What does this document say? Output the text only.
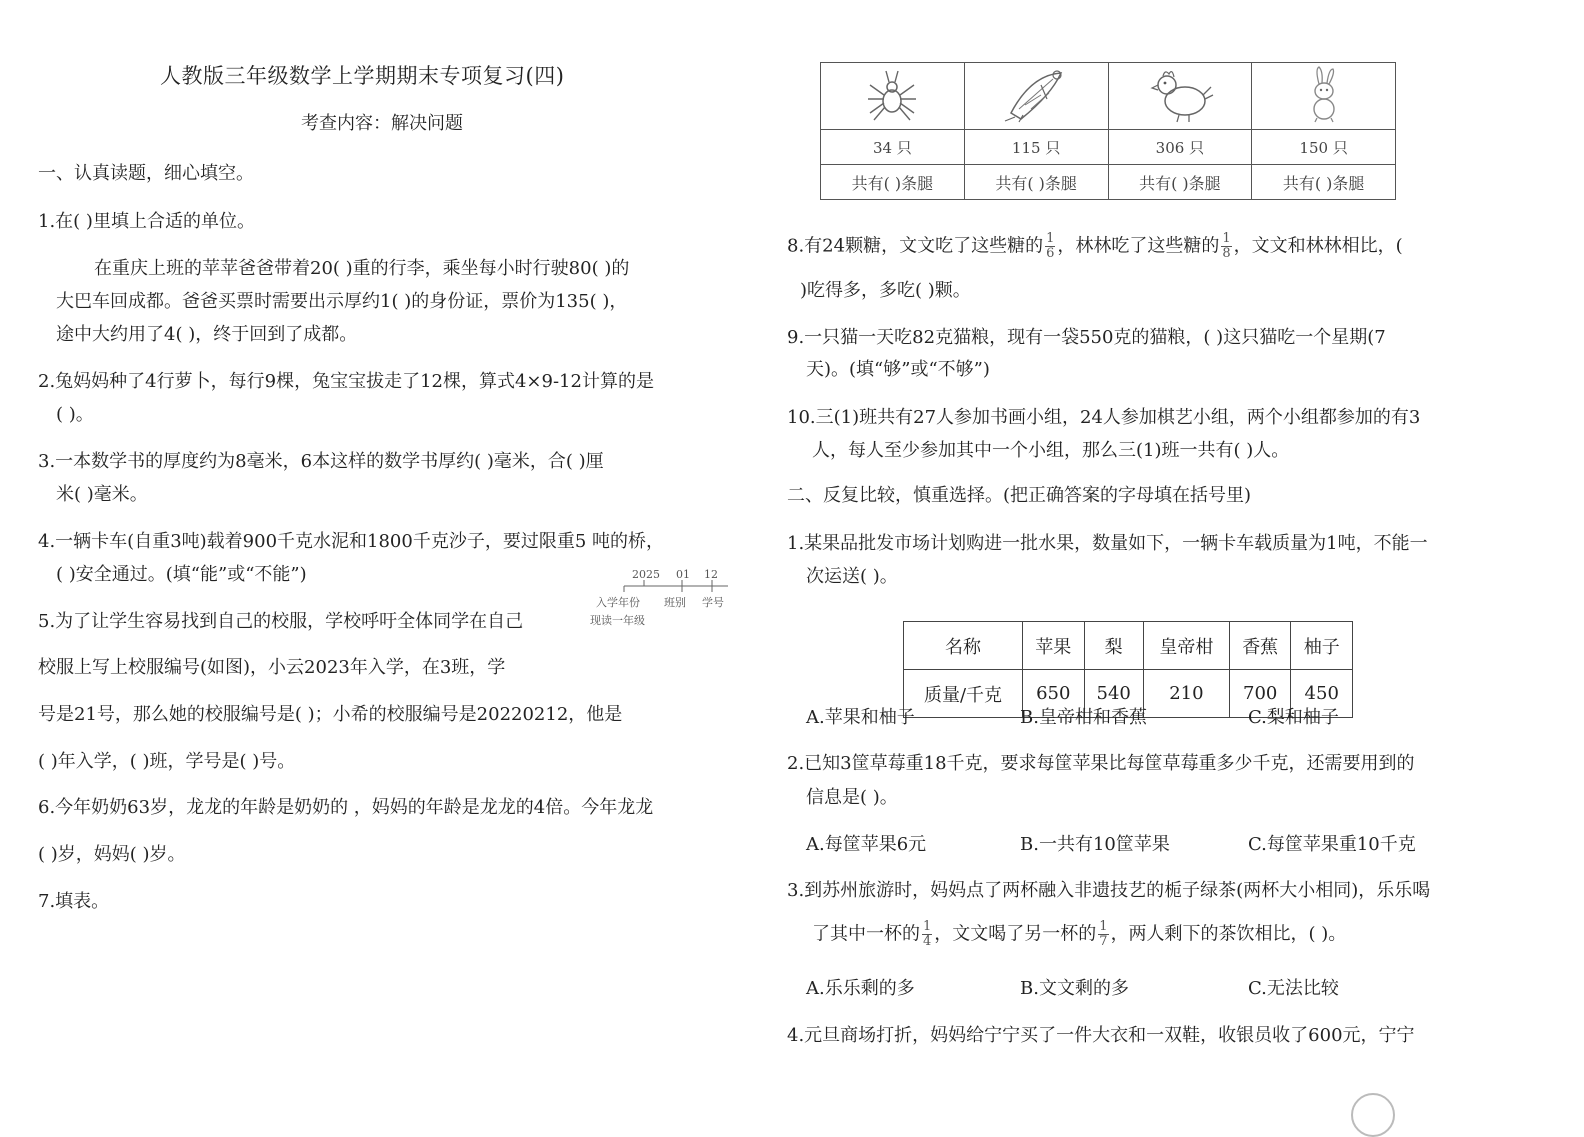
人教版三年级数学上学期期末专项复习(四)
考查内容：解决问题
一、认真读题，细心填空。
1.在( )里填上合适的单位。
在重庆上班的苹苹爸爸带着20( )重的行李，乘坐每小时行驶80( )的
大巴车回成都。爸爸买票时需要出示厚约1( )的身份证，票价为135( )，
途中大约用了4( )，终于回到了成都。
2.兔妈妈种了4行萝卜，每行9棵，兔宝宝拔走了12棵，算式4×9-12计算的是
( )。
3.一本数学书的厚度约为8毫米，6本这样的数学书厚约( )毫米，合( )厘
米( )毫米。
4.一辆卡车(自重3吨)载着900千克水泥和1800千克沙子，要过限重5 吨的桥，
( )安全通过。(填“能”或“不能”)
5.为了让学生容易找到自己的校服，学校呼吁全体同学在自己
校服上写上校服编号(如图)，小云2023年入学，在3班，学
号是21号，那么她的校服编号是( )；小希的校服编号是20220212，他是
( )年入学，( )班，学号是( )号。
2025 01 12
入学年份 班别 学号
现读一年级
6.今年奶奶63岁，龙龙的年龄是奶奶的 ，妈妈的年龄是龙龙的4倍。今年龙龙
( )岁，妈妈( )岁。
7.填表。

34 只	115 只	306 只	150 只
共有( )条腿	共有( )条腿	共有( )条腿	共有( )条腿
8.有24颗糖，文文吃了这些糖的 $\frac{1}{6}$ ，林林吃了这些糖的 $\frac{1}{8}$ ，文文和林林相比，(
)吃得多，多吃( )颗。
9.一只猫一天吃82克猫粮，现有一袋550克的猫粮，( )这只猫吃一个星期(7
天)。(填“够”或“不够”)
10.三(1)班共有27人参加书画小组，24人参加棋艺小组，两个小组都参加的有3
人，每人至少参加其中一个小组，那么三(1)班一共有( )人。
二、反复比较，慎重选择。(把正确答案的字母填在括号里)
1.某果品批发市场计划购进一批水果，数量如下，一辆卡车载质量为1吨，不能一
次运送( )。
名称	苹果	梨	皇帝柑	香蕉	柚子
质量/千克	650	540	210	700	450
A.苹果和柚子	B.皇帝柑和香蕉	C.梨和柚子
2.已知3筐草莓重18千克，要求每筐苹果比每筐草莓重多少千克，还需要用到的
信息是( )。
A.每筐苹果6元	B.一共有10筐苹果	C.每筐苹果重10千克
3.到苏州旅游时，妈妈点了两杯融入非遗技艺的栀子绿茶(两杯大小相同)，乐乐喝
了其中一杯的 $\frac{1}{4}$ ，文文喝了另一杯的 $\frac{1}{7}$ ，两人剩下的茶饮相比，( )。
A.乐乐剩的多	B.文文剩的多	C.无法比较
4.元旦商场打折，妈妈给宁宁买了一件大衣和一双鞋，收银员收了600元，宁宁
